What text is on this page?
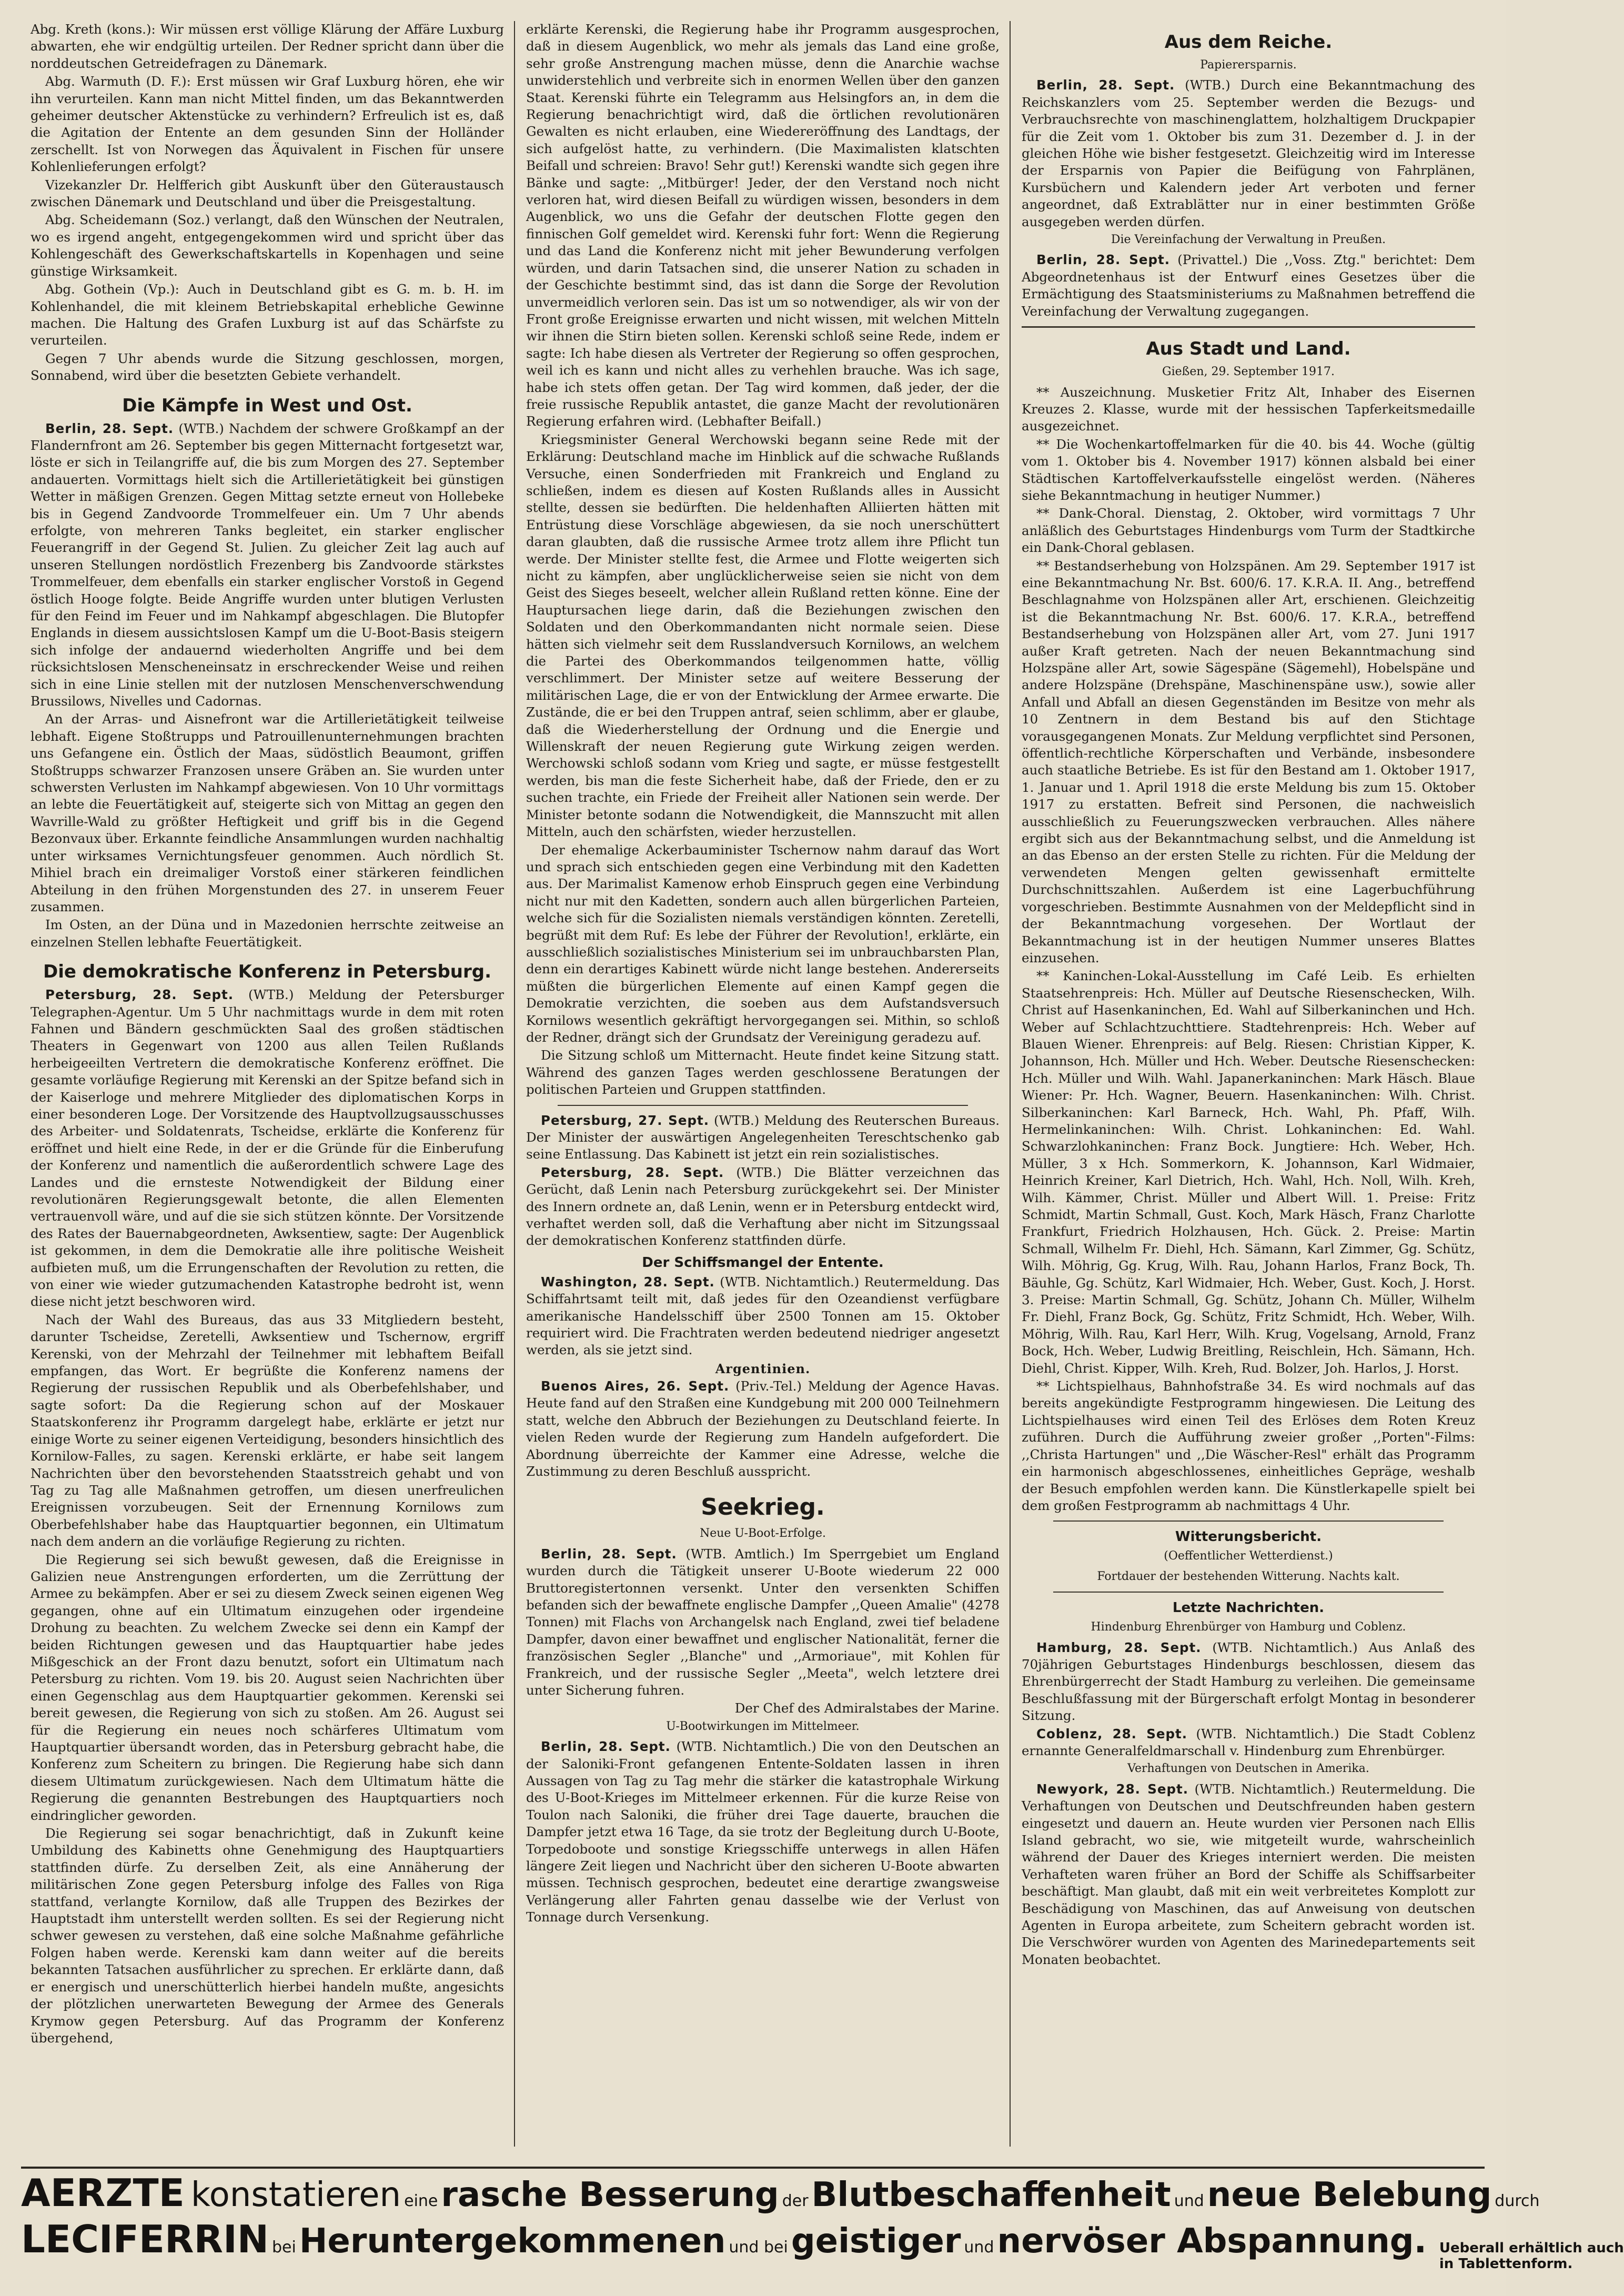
Abg. Kreth (kons.): Wir müssen erst völlige Klärung der Affäre Luxburg abwarten, ehe wir endgültig urteilen. Der Redner spricht dann über die norddeutschen Getreidefragen zu Dänemark.

Abg. Warmuth (D. F.): Erst müssen wir Graf Luxburg hören, ehe wir ihn verurteilen. Kann man nicht Mittel finden, um das Bekanntwerden geheimer deutscher Aktenstücke zu verhindern? Erfreulich ist es, daß die Agitation der Entente an dem gesunden Sinn der Holländer zerschellt. Ist von Norwegen das Äquivalent in Fischen für unsere Kohlenlieferungen erfolgt?

Vizekanzler Dr. Helfferich gibt Auskunft über den Güteraustausch zwischen Dänemark und Deutschland und über die Preisgestaltung.

Abg. Scheidemann (Soz.) verlangt, daß den Wünschen der Neutralen, wo es irgend angeht, entgegengekommen wird und spricht über das Kohlengeschäft des Gewerkschaftskartells in Kopenhagen und seine günstige Wirksamkeit.

Abg. Gothein (Vp.): Auch in Deutschland gibt es G. m. b. H. im Kohlenhandel, die mit kleinem Betriebskapital erhebliche Gewinne machen. Die Haltung des Grafen Luxburg ist auf das Schärfste zu verurteilen.

Gegen 7 Uhr abends wurde die Sitzung geschlossen, morgen, Sonnabend, wird über die besetzten Gebiete verhandelt.

Die Kämpfe in West und Ost.

Berlin, 28. Sept. (WTB.) Nachdem der schwere Großkampf an der Flandernfront am 26. September bis gegen Mitternacht fortgesetzt war, löste er sich in Teilangriffe auf, die bis zum Morgen des 27. September andauerten. Vormittags hielt sich die Artillerietätigkeit bei günstigen Wetter in mäßigen Grenzen. Gegen Mittag setzte erneut von Hollebeke bis in Gegend Zandvoorde Trommelfeuer ein. Um 7 Uhr abends erfolgte, von mehreren Tanks begleitet, ein starker englischer Feuerangriff in der Gegend St. Julien. Zu gleicher Zeit lag auch auf unseren Stellungen nordöstlich Frezenberg bis Zandvoorde stärkstes Trommelfeuer, dem ebenfalls ein starker englischer Vorstoß in Gegend östlich Hooge folgte. Beide Angriffe wurden unter blutigen Verlusten für den Feind im Feuer und im Nahkampf abgeschlagen. Die Blutopfer Englands in diesem aussichtslosen Kampf um die U-Boot-Basis steigern sich infolge der andauernd wiederholten Angriffe und bei dem rücksichtslosen Menscheneinsatz in erschreckender Weise und reihen sich in eine Linie stellen mit der nutzlosen Menschenverschwendung Brussilows, Nivelles und Cadornas.

An der Arras- und Aisnefront war die Artillerietätigkeit teilweise lebhaft. Eigene Stoßtrupps und Patrouillenunternehmungen brachten uns Gefangene ein. Östlich der Maas, südöstlich Beaumont, griffen Stoßtrupps schwarzer Franzosen unsere Gräben an. Sie wurden unter schwersten Verlusten im Nahkampf abgewiesen. Von 10 Uhr vormittags an lebte die Feuertätigkeit auf, steigerte sich von Mittag an gegen den Wavrille-Wald zu größter Heftigkeit und griff bis in die Gegend Bezonvaux über. Erkannte feindliche Ansammlungen wurden nachhaltig unter wirksames Vernichtungsfeuer genommen. Auch nördlich St. Mihiel brach ein dreimaliger Vorstoß einer stärkeren feindlichen Abteilung in den frühen Morgenstunden des 27. in unserem Feuer zusammen.

Im Osten, an der Düna und in Mazedonien herrschte zeitweise an einzelnen Stellen lebhafte Feuertätigkeit.

Die demokratische Konferenz in Petersburg.

Petersburg, 28. Sept. (WTB.) Meldung der Petersburger Telegraphen-Agentur. Um 5 Uhr nachmittags wurde in dem mit roten Fahnen und Bändern geschmückten Saal des großen städtischen Theaters in Gegenwart von 1200 aus allen Teilen Rußlands herbeigeeilten Vertretern die demokratische Konferenz eröffnet. Die gesamte vorläufige Regierung mit Kerenski an der Spitze befand sich in der Kaiserloge und mehrere Mitglieder des diplomatischen Korps in einer besonderen Loge. Der Vorsitzende des Hauptvollzugsausschusses des Arbeiter- und Soldatenrats, Tscheidse, erklärte die Konferenz für eröffnet und hielt eine Rede, in der er die Gründe für die Einberufung der Konferenz und namentlich die außerordentlich schwere Lage des Landes und die ernsteste Notwendigkeit der Bildung einer revolutionären Regierungsgewalt betonte, die allen Elementen vertrauenvoll wäre, und auf die sie sich stützen könnte. Der Vorsitzende des Rates der Bauernabgeordneten, Awksentiew, sagte: Der Augenblick ist gekommen, in dem die Demokratie alle ihre politische Weisheit aufbieten muß, um die Errungenschaften der Revolution zu retten, die von einer wie wieder gutzumachenden Katastrophe bedroht ist, wenn diese nicht jetzt beschworen wird.

Nach der Wahl des Bureaus, das aus 33 Mitgliedern besteht, darunter Tscheidse, Zeretelli, Awksentiew und Tschernow, ergriff Kerenski, von der Mehrzahl der Teilnehmer mit lebhaftem Beifall empfangen, das Wort. Er begrüßte die Konferenz namens der Regierung der russischen Republik und als Oberbefehlshaber, und sagte sofort: Da die Regierung schon auf der Moskauer Staatskonferenz ihr Programm dargelegt habe, erklärte er jetzt nur einige Worte zu seiner eigenen Verteidigung, besonders hinsichtlich des Kornilow-Falles, zu sagen. Kerenski erklärte, er habe seit langem Nachrichten über den bevorstehenden Staatsstreich gehabt und von Tag zu Tag alle Maßnahmen getroffen, um diesen unerfreulichen Ereignissen vorzubeugen. Seit der Ernennung Kornilows zum Oberbefehlshaber habe das Hauptquartier begonnen, ein Ultimatum nach dem andern an die vorläufige Regierung zu richten.

Die Regierung sei sich bewußt gewesen, daß die Ereignisse in Galizien neue Anstrengungen erforderten, um die Zerrüttung der Armee zu bekämpfen. Aber er sei zu diesem Zweck seinen eigenen Weg gegangen, ohne auf ein Ultimatum einzugehen oder irgendeine Drohung zu beachten. Zu welchem Zwecke sei denn ein Kampf der beiden Richtungen gewesen und das Hauptquartier habe jedes Mißgeschick an der Front dazu benutzt, sofort ein Ultimatum nach Petersburg zu richten. Vom 19. bis 20. August seien Nachrichten über einen Gegenschlag aus dem Hauptquartier gekommen. Kerenski sei bereit gewesen, die Regierung von sich zu stoßen. Am 26. August sei für die Regierung ein neues noch schärferes Ultimatum vom Hauptquartier übersandt worden, das in Petersburg gebracht habe, die Konferenz zum Scheitern zu bringen. Die Regierung habe sich dann diesem Ultimatum zurückgewiesen. Nach dem Ultimatum hätte die Regierung die genannten Bestrebungen des Hauptquartiers noch eindringlicher geworden.

Die Regierung sei sogar benachrichtigt, daß in Zukunft keine Umbildung des Kabinetts ohne Genehmigung des Hauptquartiers stattfinden dürfe. Zu derselben Zeit, als eine Annäherung der militärischen Zone gegen Petersburg infolge des Falles von Riga stattfand, verlangte Kornilow, daß alle Truppen des Bezirkes der Hauptstadt ihm unterstellt werden sollten. Es sei der Regierung nicht schwer gewesen zu verstehen, daß eine solche Maßnahme gefährliche Folgen haben werde. Kerenski kam dann weiter auf die bereits bekannten Tatsachen ausführlicher zu sprechen. Er erklärte dann, daß er energisch und unerschütterlich hierbei handeln mußte, angesichts der plötzlichen unerwarteten Bewegung der Armee des Generals Krymow gegen Petersburg. Auf das Programm der Konferenz übergehend,

erklärte Kerenski, die Regierung habe ihr Programm ausgesprochen, daß in diesem Augenblick, wo mehr als jemals das Land eine große, sehr große Anstrengung machen müsse, denn die Anarchie wachse unwiderstehlich und verbreite sich in enormen Wellen über den ganzen Staat. Kerenski führte ein Telegramm aus Helsingfors an, in dem die Regierung benachrichtigt wird, daß die örtlichen revolutionären Gewalten es nicht erlauben, eine Wiedereröffnung des Landtags, der sich aufgelöst hatte, zu verhindern. (Die Maximalisten klatschten Beifall und schreien: Bravo! Sehr gut!) Kerenski wandte sich gegen ihre Bänke und sagte: ,,Mitbürger! Jeder, der den Verstand noch nicht verloren hat, wird diesen Beifall zu würdigen wissen, besonders in dem Augenblick, wo uns die Gefahr der deutschen Flotte gegen den finnischen Golf gemeldet wird. Kerenski fuhr fort: Wenn die Regierung und das Land die Konferenz nicht mit jeher Bewunderung verfolgen würden, und darin Tatsachen sind, die unserer Nation zu schaden in der Geschichte bestimmt sind, das ist dann die Sorge der Revolution unvermeidlich verloren sein. Das ist um so notwendiger, als wir von der Front große Ereignisse erwarten und nicht wissen, mit welchen Mitteln wir ihnen die Stirn bieten sollen. Kerenski schloß seine Rede, indem er sagte: Ich habe diesen als Vertreter der Regierung so offen gesprochen, weil ich es kann und nicht alles zu verhehlen brauche. Was ich sage, habe ich stets offen getan. Der Tag wird kommen, daß jeder, der die freie russische Republik antastet, die ganze Macht der revolutionären Regierung erfahren wird. (Lebhafter Beifall.)

Kriegsminister General Werchowski begann seine Rede mit der Erklärung: Deutschland mache im Hinblick auf die schwache Rußlands Versuche, einen Sonderfrieden mit Frankreich und England zu schließen, indem es diesen auf Kosten Rußlands alles in Aussicht stellte, dessen sie bedürften. Die heldenhaften Alliierten hätten mit Entrüstung diese Vorschläge abgewiesen, da sie noch unerschüttert daran glaubten, daß die russische Armee trotz allem ihre Pflicht tun werde. Der Minister stellte fest, die Armee und Flotte weigerten sich nicht zu kämpfen, aber unglücklicherweise seien sie nicht von dem Geist des Sieges beseelt, welcher allein Rußland retten könne. Eine der Hauptursachen liege darin, daß die Beziehungen zwischen den Soldaten und den Oberkommandanten nicht normale seien. Diese hätten sich vielmehr seit dem Russlandversuch Kornilows, an welchem die Partei des Oberkommandos teilgenommen hatte, völlig verschlimmert. Der Minister setze auf weitere Besserung der militärischen Lage, die er von der Entwicklung der Armee erwarte. Die Zustände, die er bei den Truppen antraf, seien schlimm, aber er glaube, daß die Wiederherstellung der Ordnung und die Energie und Willenskraft der neuen Regierung gute Wirkung zeigen werden. Werchowski schloß sodann vom Krieg und sagte, er müsse festgestellt werden, bis man die feste Sicherheit habe, daß der Friede, den er zu suchen trachte, ein Friede der Freiheit aller Nationen sein werde. Der Minister betonte sodann die Notwendigkeit, die Mannszucht mit allen Mitteln, auch den schärfsten, wieder herzustellen.

Der ehemalige Ackerbauminister Tschernow nahm darauf das Wort und sprach sich entschieden gegen eine Verbindung mit den Kadetten aus. Der Marimalist Kamenow erhob Einspruch gegen eine Verbindung nicht nur mit den Kadetten, sondern auch allen bürgerlichen Parteien, welche sich für die Sozialisten niemals verständigen könnten. Zeretelli, begrüßt mit dem Ruf: Es lebe der Führer der Revolution!, erklärte, ein ausschließlich sozialistisches Ministerium sei im unbrauchbarsten Plan, denn ein derartiges Kabinett würde nicht lange bestehen. Andererseits müßten die bürgerlichen Elemente auf einen Kampf gegen die Demokratie verzichten, die soeben aus dem Aufstandsversuch Kornilows wesentlich gekräftigt hervorgegangen sei. Mithin, so schloß der Redner, drängt sich der Grundsatz der Vereinigung geradezu auf.

Die Sitzung schloß um Mitternacht. Heute findet keine Sitzung statt. Während des ganzen Tages werden geschlossene Beratungen der politischen Parteien und Gruppen stattfinden.

Petersburg, 27. Sept. (WTB.) Meldung des Reuterschen Bureaus. Der Minister der auswärtigen Angelegenheiten Tereschtschenko gab seine Entlassung. Das Kabinett ist jetzt ein rein sozialistisches.

Petersburg, 28. Sept. (WTB.) Die Blätter verzeichnen das Gerücht, daß Lenin nach Petersburg zurückgekehrt sei. Der Minister des Innern ordnete an, daß Lenin, wenn er in Petersburg entdeckt wird, verhaftet werden soll, daß die Verhaftung aber nicht im Sitzungssaal der demokratischen Konferenz stattfinden dürfe.

Der Schiffsmangel der Entente.

Washington, 28. Sept. (WTB. Nichtamtlich.) Reutermeldung. Das Schiffahrtsamt teilt mit, daß jedes für den Ozeandienst verfügbare amerikanische Handelsschiff über 2500 Tonnen am 15. Oktober requiriert wird. Die Frachtraten werden bedeutend niedriger angesetzt werden, als sie jetzt sind.

Argentinien.

Buenos Aires, 26. Sept. (Priv.-Tel.) Meldung der Agence Havas. Heute fand auf den Straßen eine Kundgebung mit 200 000 Teilnehmern statt, welche den Abbruch der Beziehungen zu Deutschland feierte. In vielen Reden wurde der Regierung zum Handeln aufgefordert. Die Abordnung überreichte der Kammer eine Adresse, welche die Zustimmung zu deren Beschluß ausspricht.

Seekrieg.
Neue U-Boot-Erfolge.

Berlin, 28. Sept. (WTB. Amtlich.) Im Sperrgebiet um England wurden durch die Tätigkeit unserer U-Boote wiederum 22 000 Bruttoregistertonnen versenkt. Unter den versenkten Schiffen befanden sich der bewaffnete englische Dampfer ,,Queen Amalie" (4278 Tonnen) mit Flachs von Archangelsk nach England, zwei tief beladene Dampfer, davon einer bewaffnet und englischer Nationalität, ferner die französischen Segler ,,Blanche" und ,,Armoriaue", mit Kohlen für Frankreich, und der russische Segler ,,Meeta", welch letztere drei unter Sicherung fuhren.

Der Chef des Admiralstabes der Marine.

U-Bootwirkungen im Mittelmeer.

Berlin, 28. Sept. (WTB. Nichtamtlich.) Die von den Deutschen an der Saloniki-Front gefangenen Entente-Soldaten lassen in ihren Aussagen von Tag zu Tag mehr die stärker die katastrophale Wirkung des U-Boot-Krieges im Mittelmeer erkennen. Für die kurze Reise von Toulon nach Saloniki, die früher drei Tage dauerte, brauchen die Dampfer jetzt etwa 16 Tage, da sie trotz der Begleitung durch U-Boote, Torpedoboote und sonstige Kriegsschiffe unterwegs in allen Häfen längere Zeit liegen und Nachricht über den sicheren U-Boote abwarten müssen. Technisch gesprochen, bedeutet eine derartige zwangsweise Verlängerung aller Fahrten genau dasselbe wie der Verlust von Tonnage durch Versenkung.

Aus dem Reiche.
Papierersparnis.

Berlin, 28. Sept. (WTB.) Durch eine Bekanntmachung des Reichskanzlers vom 25. September werden die Bezugs- und Verbrauchsrechte von maschinenglattem, holzhaltigem Druckpapier für die Zeit vom 1. Oktober bis zum 31. Dezember d. J. in der gleichen Höhe wie bisher festgesetzt. Gleichzeitig wird im Interesse der Ersparnis von Papier die Beifügung von Fahrplänen, Kursbüchern und Kalendern jeder Art verboten und ferner angeordnet, daß Extrablätter nur in einer bestimmten Größe ausgegeben werden dürfen.

Die Vereinfachung der Verwaltung in Preußen.

Berlin, 28. Sept. (Privattel.) Die ,,Voss. Ztg." berichtet: Dem Abgeordnetenhaus ist der Entwurf eines Gesetzes über die Ermächtigung des Staatsministeriums zu Maßnahmen betreffend die Vereinfachung der Verwaltung zugegangen.

Aus Stadt und Land.
Gießen, 29. September 1917.

** Auszeichnung. Musketier Fritz Alt, Inhaber des Eisernen Kreuzes 2. Klasse, wurde mit der hessischen Tapferkeitsmedaille ausgezeichnet.

** Die Wochenkartoffelmarken für die 40. bis 44. Woche (gültig vom 1. Oktober bis 4. November 1917) können alsbald bei einer Städtischen Kartoffelverkaufsstelle eingelöst werden. (Näheres siehe Bekanntmachung in heutiger Nummer.)

** Dank-Choral. Dienstag, 2. Oktober, wird vormittags 7 Uhr anläßlich des Geburtstages Hindenburgs vom Turm der Stadtkirche ein Dank-Choral geblasen.

** Bestandserhebung von Holzspänen. Am 29. September 1917 ist eine Bekanntmachung Nr. Bst. 600/6. 17. K.R.A. II. Ang., betreffend Beschlagnahme von Holzspänen aller Art, erschienen. Gleichzeitig ist die Bekanntmachung Nr. Bst. 600/6. 17. K.R.A., betreffend Bestandserhebung von Holzspänen aller Art, vom 27. Juni 1917 außer Kraft getreten. Nach der neuen Bekanntmachung sind Holzspäne aller Art, sowie Sägespäne (Sägemehl), Hobelspäne und andere Holzspäne (Drehspäne, Maschinenspäne usw.), sowie aller Anfall und Abfall an diesen Gegenständen im Besitze von mehr als 10 Zentnern in dem Bestand bis auf den Stichtage vorausgegangenen Monats. Zur Meldung verpflichtet sind Personen, öffentlich-rechtliche Körperschaften und Verbände, insbesondere auch staatliche Betriebe. Es ist für den Bestand am 1. Oktober 1917, 1. Januar und 1. April 1918 die erste Meldung bis zum 15. Oktober 1917 zu erstatten. Befreit sind Personen, die nachweislich ausschließlich zu Feuerungszwecken verbrauchen. Alles nähere ergibt sich aus der Bekanntmachung selbst, und die Anmeldung ist an das Ebenso an der ersten Stelle zu richten. Für die Meldung der verwendeten Mengen gelten gewissenhaft ermittelte Durchschnittszahlen. Außerdem ist eine Lagerbuchführung vorgeschrieben. Bestimmte Ausnahmen von der Meldepflicht sind in der Bekanntmachung vorgesehen. Der Wortlaut der Bekanntmachung ist in der heutigen Nummer unseres Blattes einzusehen.

** Kaninchen-Lokal-Ausstellung im Café Leib. Es erhielten Staatsehrenpreis: Hch. Müller auf Deutsche Riesenschecken, Wilh. Christ auf Hasenkaninchen, Ed. Wahl auf Silberkaninchen und Hch. Weber auf Schlachtzuchttiere. Stadtehrenpreis: Hch. Weber auf Blauen Wiener. Ehrenpreis: auf Belg. Riesen: Christian Kipper, K. Johannson, Hch. Müller und Hch. Weber. Deutsche Riesenschecken: Hch. Müller und Wilh. Wahl. Japanerkaninchen: Mark Häsch. Blaue Wiener: Pr. Hch. Wagner, Beuern. Hasenkaninchen: Wilh. Christ. Silberkaninchen: Karl Barneck, Hch. Wahl, Ph. Pfaff, Wilh. Hermelinkaninchen: Wilh. Christ. Lohkaninchen: Ed. Wahl. Schwarzlohkaninchen: Franz Bock. Jungtiere: Hch. Weber, Hch. Müller, 3 x Hch. Sommerkorn, K. Johannson, Karl Widmaier, Heinrich Kreiner, Karl Dietrich, Hch. Wahl, Hch. Noll, Wilh. Kreh, Wilh. Kämmer, Christ. Müller und Albert Will. 1. Preise: Fritz Schmidt, Martin Schmall, Gust. Koch, Mark Häsch, Franz Charlotte Frankfurt, Friedrich Holzhausen, Hch. Gück. 2. Preise: Martin Schmall, Wilhelm Fr. Diehl, Hch. Sämann, Karl Zimmer, Gg. Schütz, Wilh. Möhrig, Gg. Krug, Wilh. Rau, Johann Harlos, Franz Bock, Th. Bäuhle, Gg. Schütz, Karl Widmaier, Hch. Weber, Gust. Koch, J. Horst. 3. Preise: Martin Schmall, Gg. Schütz, Johann Ch. Müller, Wilhelm Fr. Diehl, Franz Bock, Gg. Schütz, Fritz Schmidt, Hch. Weber, Wilh. Möhrig, Wilh. Rau, Karl Herr, Wilh. Krug, Vogelsang, Arnold, Franz Bock, Hch. Weber, Ludwig Breitling, Reischlein, Hch. Sämann, Hch. Diehl, Christ. Kipper, Wilh. Kreh, Rud. Bolzer, Joh. Harlos, J. Horst.

** Lichtspielhaus, Bahnhofstraße 34. Es wird nochmals auf das bereits angekündigte Festprogramm hingewiesen. Die Leitung des Lichtspielhauses wird einen Teil des Erlöses dem Roten Kreuz zuführen. Durch die Aufführung zweier großer ,,Porten"-Films: ,,Christa Hartungen" und ,,Die Wäscher-Resl" erhält das Programm ein harmonisch abgeschlossenes, einheitliches Gepräge, weshalb der Besuch empfohlen werden kann. Die Künstlerkapelle spielt bei dem großen Festprogramm ab nachmittags 4 Uhr.

Witterungsbericht.
(Oeffentlicher Wetterdienst.)
Fortdauer der bestehenden Witterung. Nachts kalt.
Letzte Nachrichten.
Hindenburg Ehrenbürger von Hamburg und Coblenz.

Hamburg, 28. Sept. (WTB. Nichtamtlich.) Aus Anlaß des 70jährigen Geburtstages Hindenburgs beschlossen, diesem das Ehrenbürgerrecht der Stadt Hamburg zu verleihen. Die gemeinsame Beschlußfassung mit der Bürgerschaft erfolgt Montag in besonderer Sitzung.

Coblenz, 28. Sept. (WTB. Nichtamtlich.) Die Stadt Coblenz ernannte Generalfeldmarschall v. Hindenburg zum Ehrenbürger.

Verhaftungen von Deutschen in Amerika.

Newyork, 28. Sept. (WTB. Nichtamtlich.) Reutermeldung. Die Verhaftungen von Deutschen und Deutschfreunden haben gestern eingesetzt und dauern an. Heute wurden vier Personen nach Ellis Island gebracht, wo sie, wie mitgeteilt wurde, wahrscheinlich während der Dauer des Krieges interniert werden. Die meisten Verhafteten waren früher an Bord der Schiffe als Schiffsarbeiter beschäftigt. Man glaubt, daß mit ein weit verbreitetes Komplott zur Beschädigung von Maschinen, das auf Anweisung von deutschen Agenten in Europa arbeitete, zum Scheitern gebracht worden ist. Die Verschwörer wurden von Agenten des Marinedepartements seit Monaten beobachtet.

AERZTE konstatieren eine rasche Besserung der Blutbeschaffenheit und neue Belebung durch
LECIFERRIN bei Heruntergekommenen und bei geistiger und nervöser Abspannung. Ueberall erhältlich auch
in Tablettenform.
